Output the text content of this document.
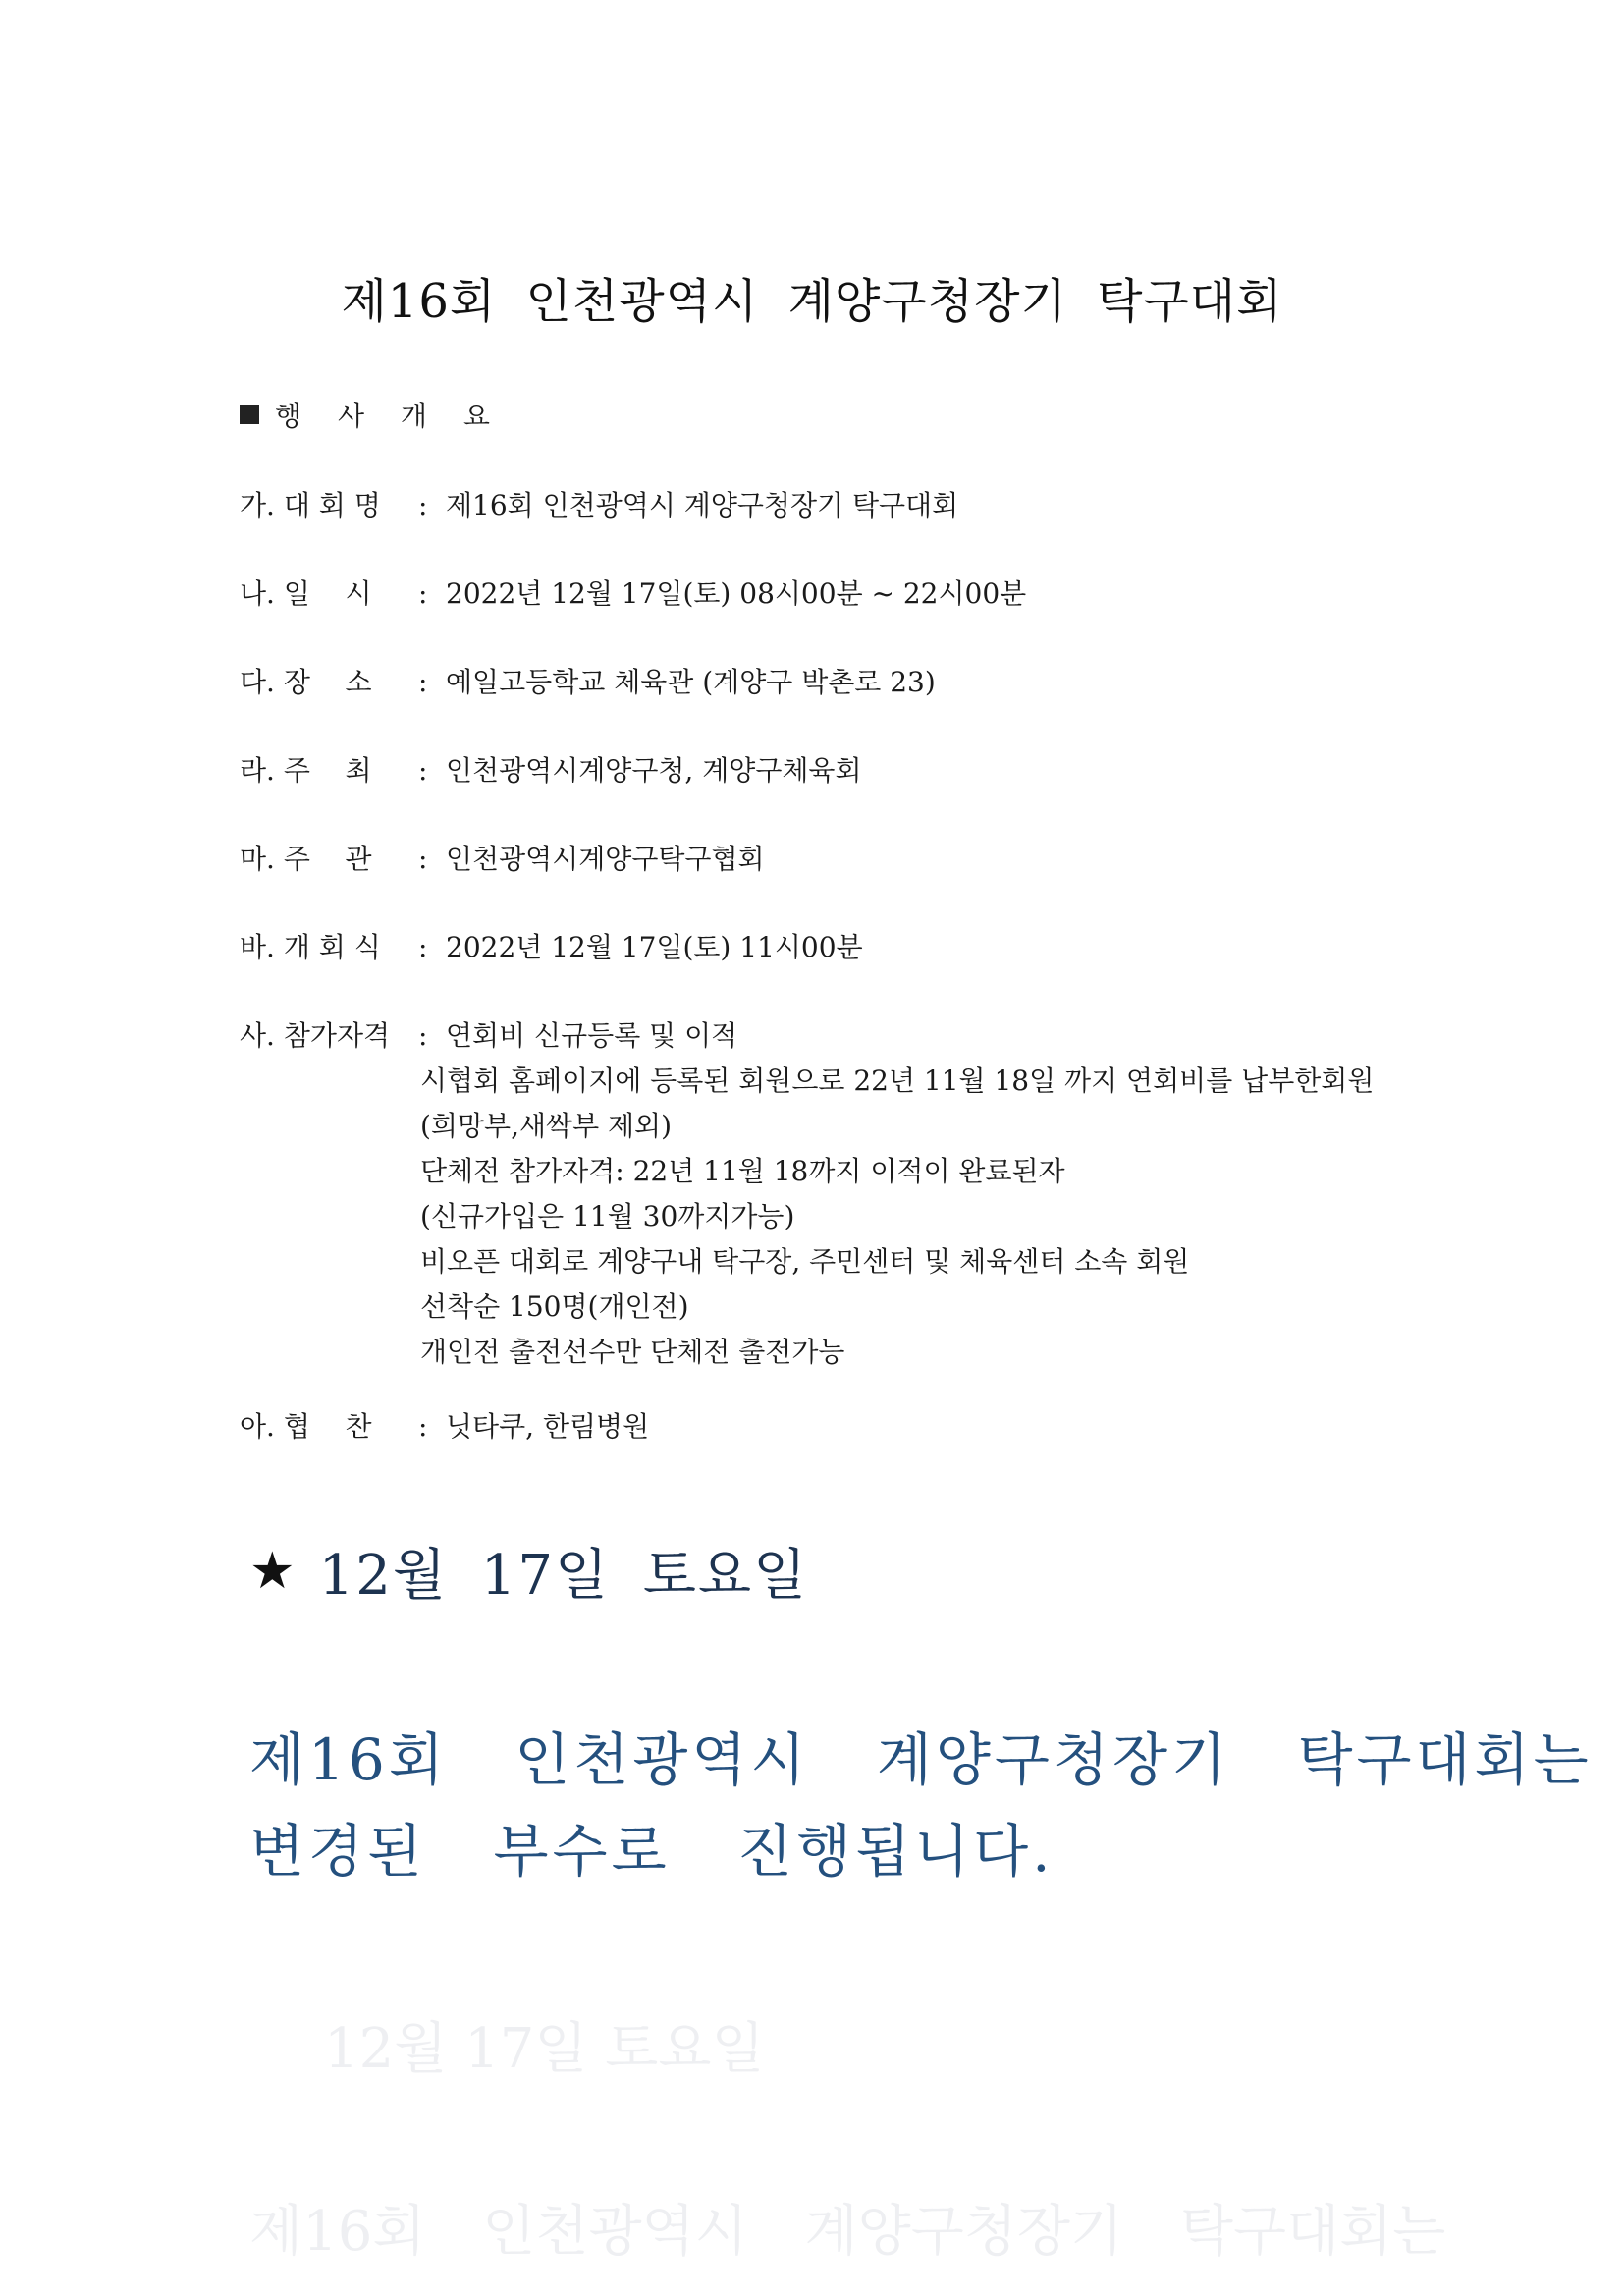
제16회 인천광역시 계양구청장기 탁구대회
행 사 개 요
가. 대 회 명	: 제16회 인천광역시 계양구청장기 탁구대회
나. 일    시	: 2022년 12월 17일(토) 08시00분 ~ 22시00분
다. 장    소	: 예일고등학교 체육관 (계양구 박촌로 23)
라. 주    최	: 인천광역시계양구청, 계양구체육회
마. 주    관	: 인천광역시계양구탁구협회
바. 개 회 식	: 2022년 12월 17일(토) 11시00분
사. 참가자격	: 연회비 신규등록 및 이적
시협회 홈페이지에 등록된 회원으로 22년 11월 18일 까지 연회비를 납부한회원
(희망부,새싹부 제외)
단체전 참가자격: 22년 11월 18까지 이적이 완료된자
(신규가입은 11월 30까지가능)
비오픈 대회로 계양구내 탁구장, 주민센터 및 체육센터 소속 회원
선착순 150명(개인전)
개인전 출전선수만 단체전 출전가능
아. 협    찬	: 닛타쿠, 한림병원
★ 12월 17일 토요일
제16회 인천광역시 계양구청장기 탁구대회는
변경된 부수로 진행됩니다.
12월 17일 토요일
제16회 인천광역시 계양구청장기 탁구대회는
